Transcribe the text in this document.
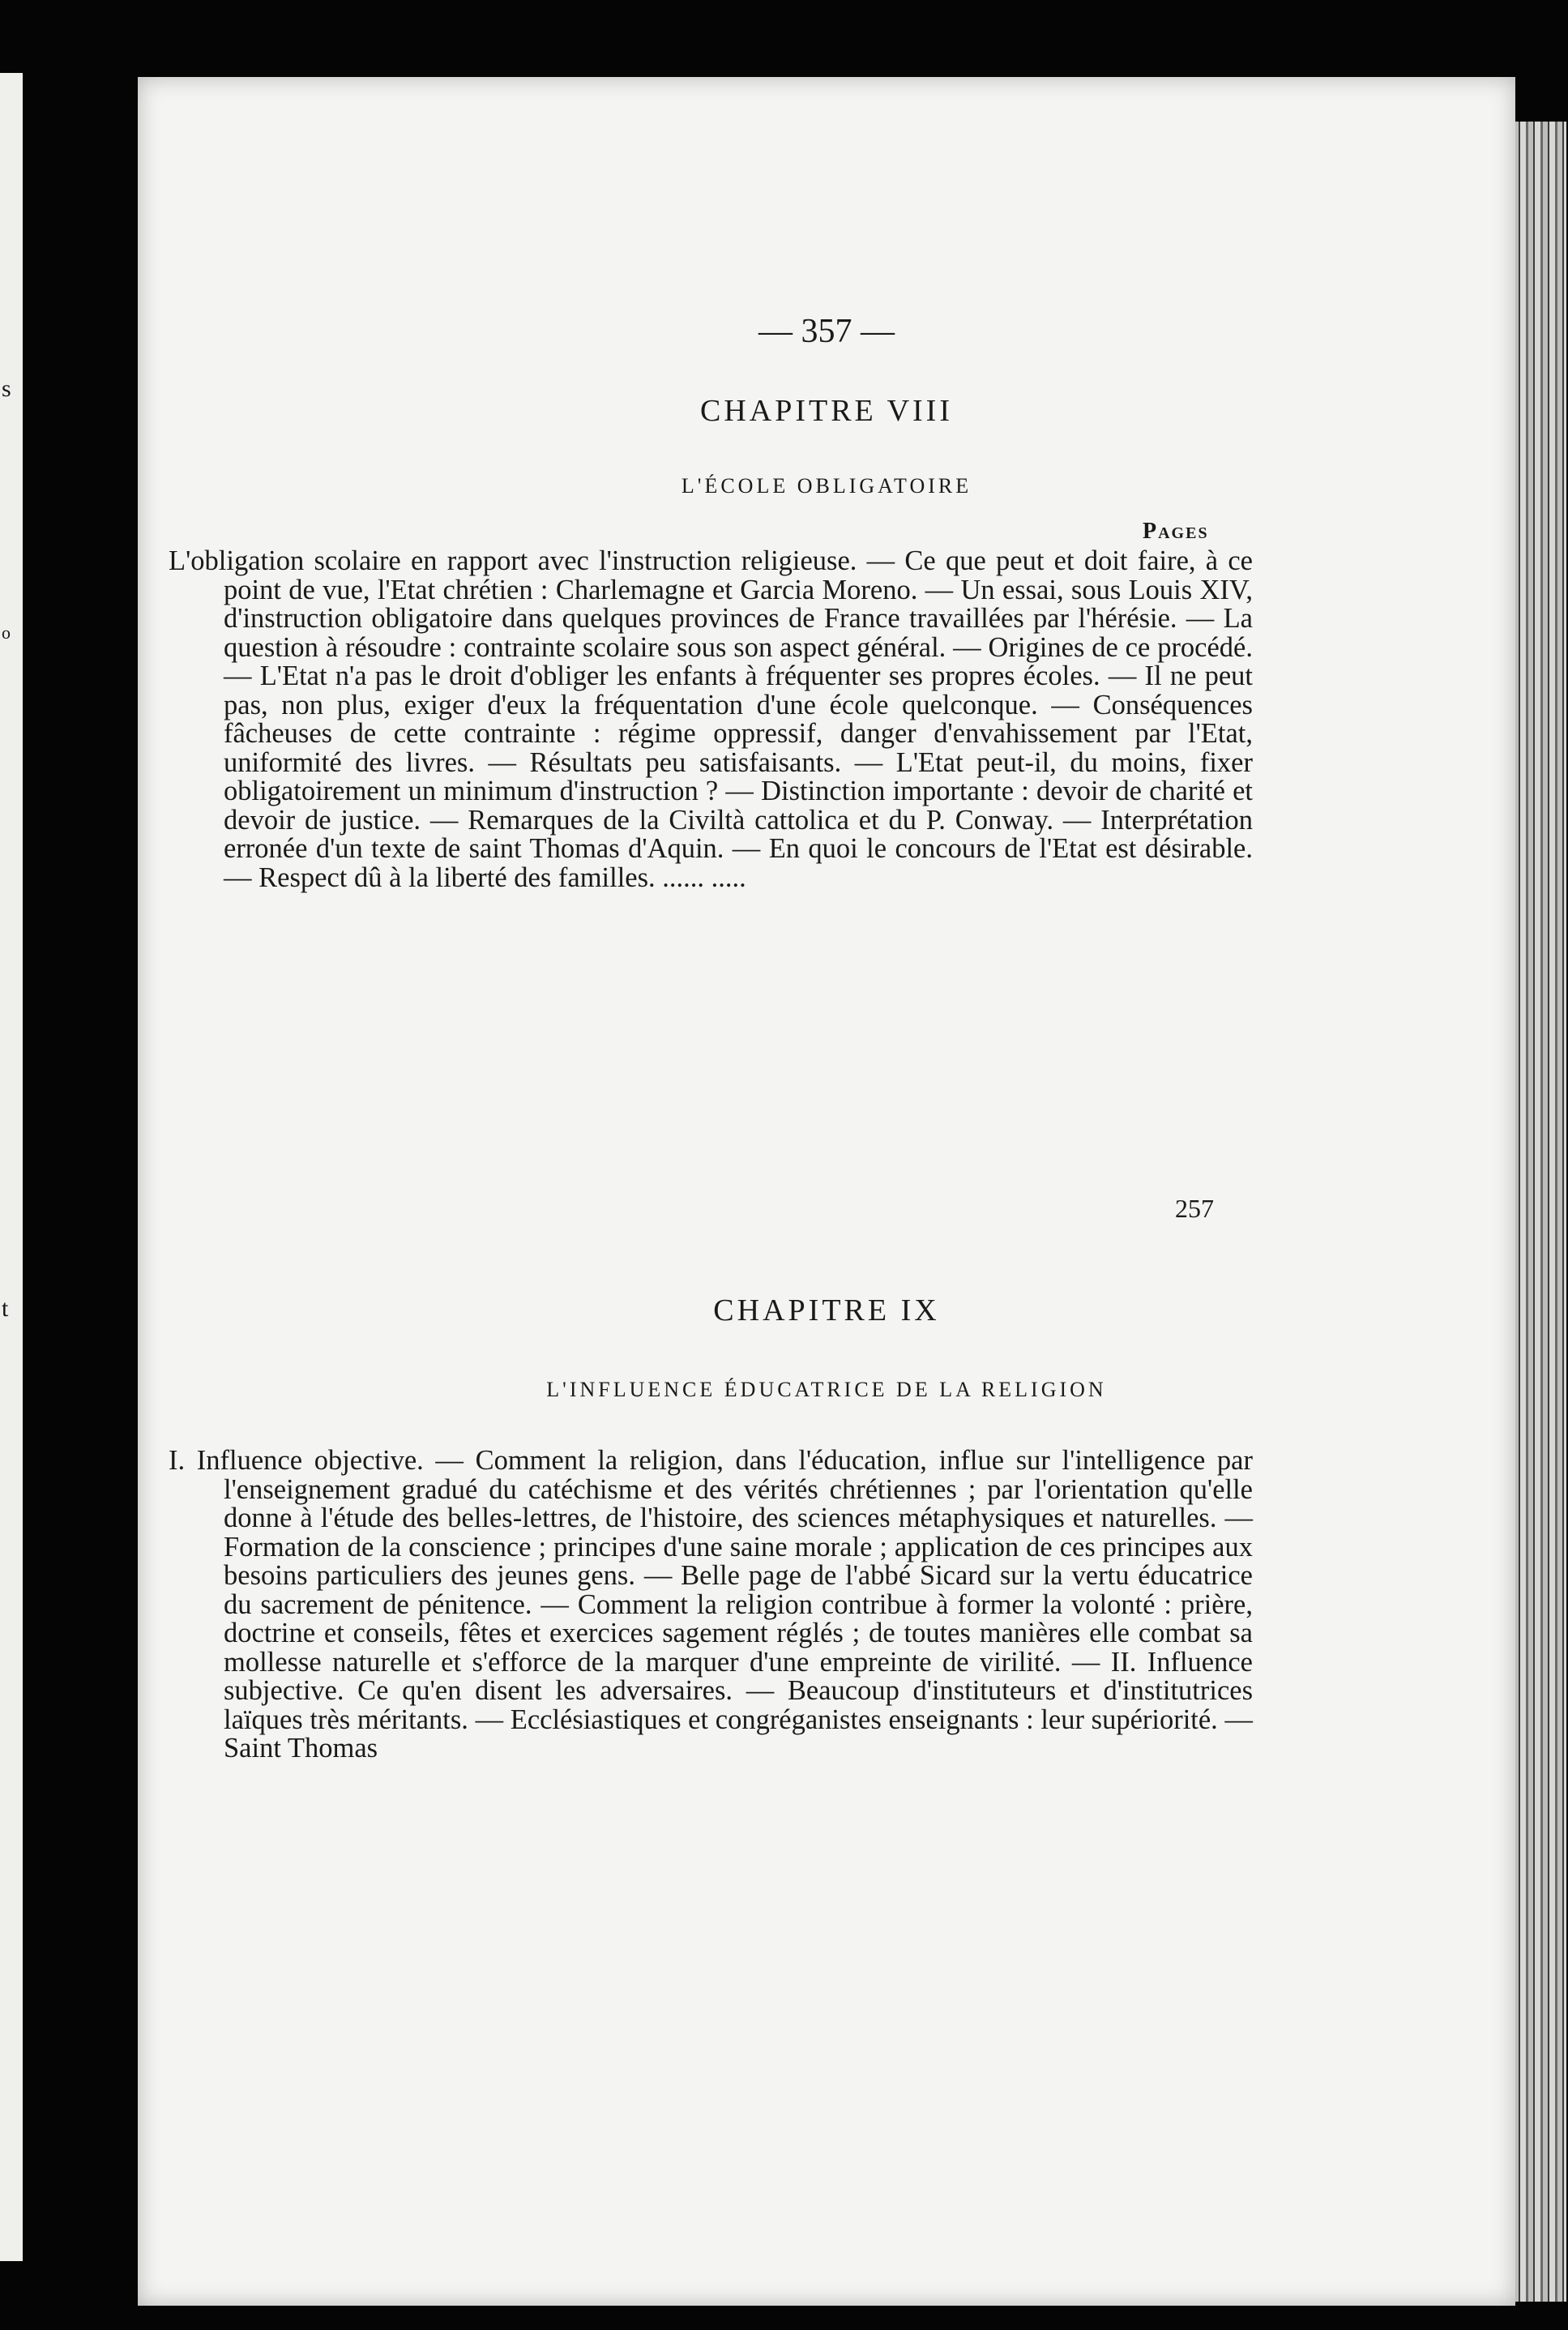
s
o
t
— 357 —
CHAPITRE VIII
L'ÉCOLE OBLIGATOIRE
Pages
L'obligation scolaire en rapport avec l'instruction religieuse. — Ce que peut et doit faire, à ce point de vue, l'Etat chrétien : Charlemagne et Garcia Moreno. — Un essai, sous Louis XIV, d'instruction obligatoire dans quelques provinces de France travaillées par l'hérésie. — La question à résoudre : contrainte scolaire sous son aspect général. — Origines de ce procédé. — L'Etat n'a pas le droit d'obliger les enfants à fréquenter ses propres écoles. — Il ne peut pas, non plus, exiger d'eux la fréquentation d'une école quelconque. — Conséquences fâcheuses de cette contrainte : régime oppressif, danger d'envahissement par l'Etat, uniformité des livres. — Résultats peu satisfaisants. — L'Etat peut-il, du moins, fixer obligatoirement un minimum d'instruction ? — Distinction importante : devoir de charité et devoir de justice. — Remarques de la Civiltà cattolica et du P. Conway. — Interprétation erronée d'un texte de saint Thomas d'Aquin. — En quoi le concours de l'Etat est désirable. — Respect dû à la liberté des familles. ...... .....
257
CHAPITRE IX
L'INFLUENCE ÉDUCATRICE DE LA RELIGION
I. Influence objective. — Comment la religion, dans l'éducation, influe sur l'intelligence par l'enseignement gradué du catéchisme et des vérités chrétiennes ; par l'orientation qu'elle donne à l'étude des belles-lettres, de l'histoire, des sciences métaphysiques et naturelles. — Formation de la conscience ; principes d'une saine morale ; application de ces principes aux besoins particuliers des jeunes gens. — Belle page de l'abbé Sicard sur la vertu éducatrice du sacrement de pénitence. — Comment la religion contribue à former la volonté : prière, doctrine et conseils, fêtes et exercices sagement réglés ; de toutes manières elle combat sa mollesse naturelle et s'efforce de la marquer d'une empreinte de virilité. — II. Influence subjective. Ce qu'en disent les adversaires. — Beaucoup d'instituteurs et d'institutrices laïques très méritants. — Ecclésiastiques et congréganistes enseignants : leur supériorité. — Saint Thomas
